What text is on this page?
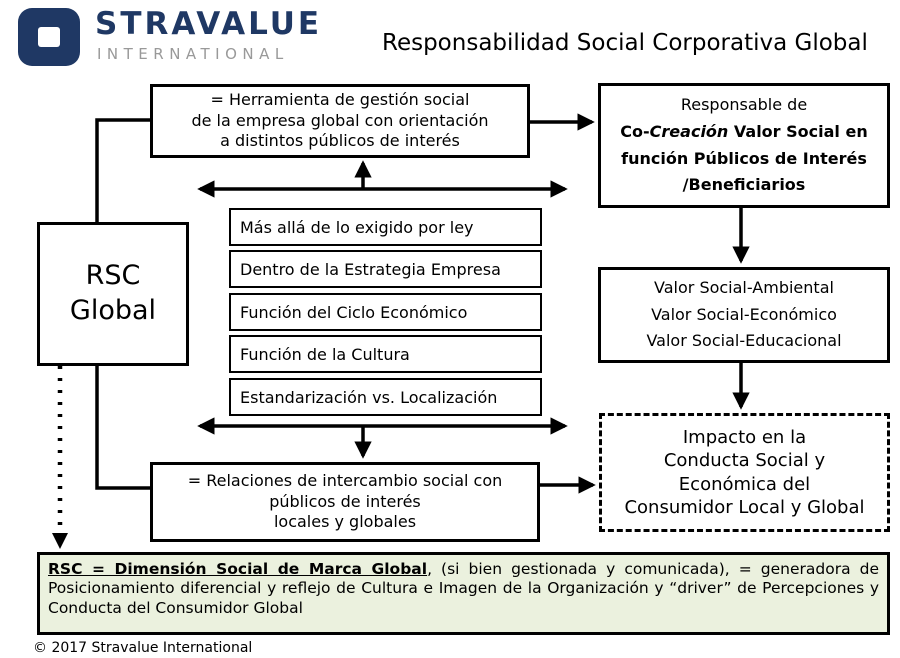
STRAVALUE
INTERNATIONAL	Responsabilidad Social Corporativa Global
RSC
Global
= Herramienta de gestión social
de la empresa global con orientación
a distintos públicos de interés
Más allá de lo exigido por ley
Dentro de la Estrategia Empresa
Función del Ciclo Económico
Función de la Cultura
Estandarización vs. Localización
= Relaciones de intercambio social con
públicos de interés
locales y globales
Responsable de
Co-Creación Valor Social en
función Públicos de Interés
/Beneficiarios
Valor Social-Ambiental
Valor Social-Económico
Valor Social-Educacional
Impacto en la
Conducta Social y
Económica del
Consumidor Local y Global
RSC = Dimensión Social de Marca Global, (si bien gestionada y comunicada), = generadora de Posicionamiento diferencial y reflejo de Cultura e Imagen de la Organización y “driver” de Percepciones y Conducta del Consumidor Global
© 2017 Stravalue International
